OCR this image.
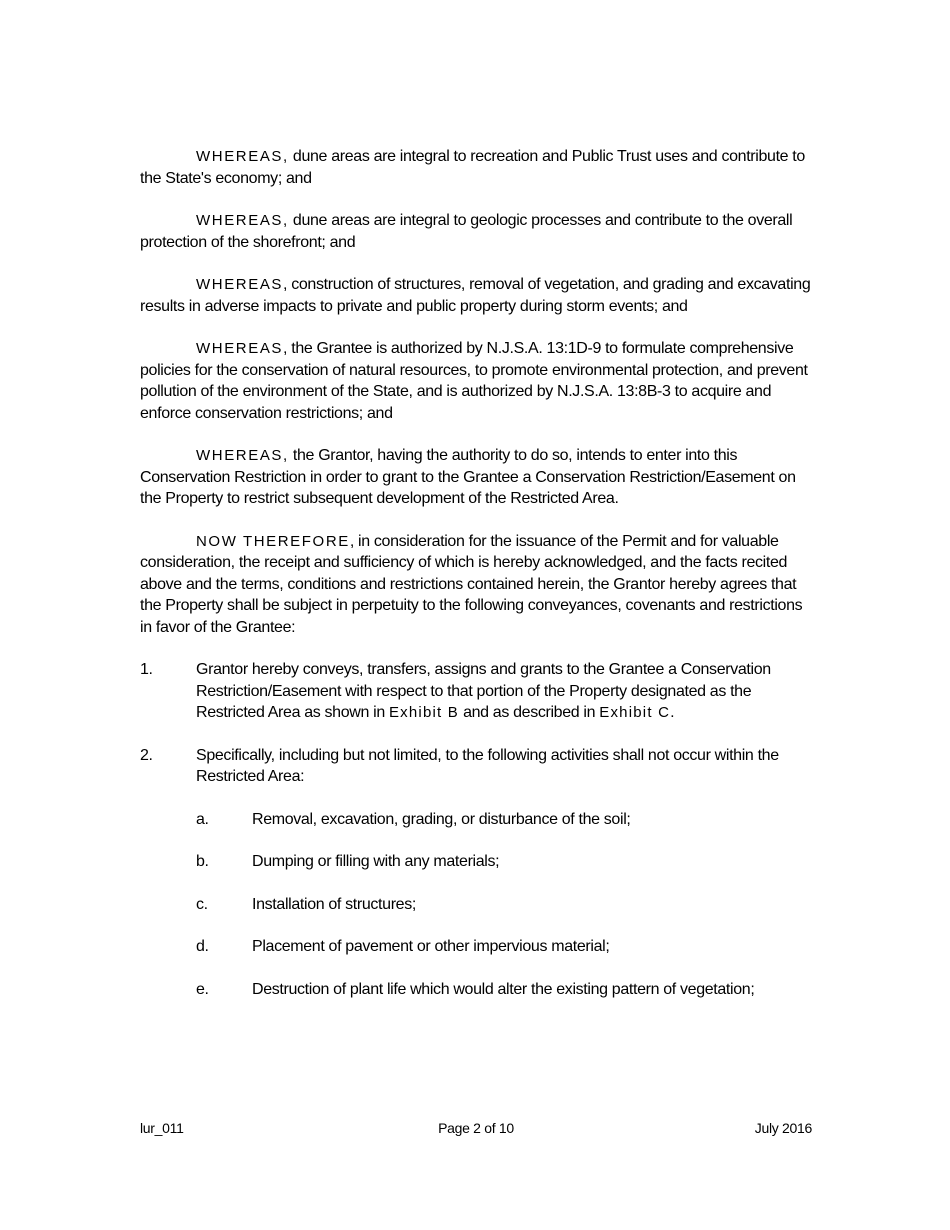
WHEREAS, dune areas are integral to recreation and Public Trust uses and contribute to the State's economy; and

WHEREAS, dune areas are integral to geologic processes and contribute to the overall protection of the shorefront; and

WHEREAS, construction of structures, removal of vegetation, and grading and excavating results in adverse impacts to private and public property during storm events; and

WHEREAS, the Grantee is authorized by N.J.S.A. 13:1D-9 to formulate comprehensive policies for the conservation of natural resources, to promote environmental protection, and prevent pollution of the environment of the State, and is authorized by N.J.S.A. 13:8B-3 to acquire and enforce conservation restrictions; and

WHEREAS, the Grantor, having the authority to do so, intends to enter into this Conservation Restriction in order to grant to the Grantee a Conservation Restriction/Easement on the Property to restrict subsequent development of the Restricted Area.

NOW THEREFORE, in consideration for the issuance of the Permit and for valuable consideration, the receipt and sufficiency of which is hereby acknowledged, and the facts recited above and the terms, conditions and restrictions contained herein, the Grantor hereby agrees that the Property shall be subject in perpetuity to the following conveyances, covenants and restrictions in favor of the Grantee:

1.	Grantor hereby conveys, transfers, assigns and grants to the Grantee a Conservation Restriction/Easement with respect to that portion of the Property designated as the Restricted Area as shown in Exhibit B and as described in Exhibit C.
2.	Specifically, including but not limited, to the following activities shall not occur within the Restricted Area:
a.	Removal, excavation, grading, or disturbance of the soil;
b.	Dumping or filling with any materials;
c.	Installation of structures;
d.	Placement of pavement or other impervious material;
e.	Destruction of plant life which would alter the existing pattern of vegetation;
lur_011	Page 2 of 10	July 2016
